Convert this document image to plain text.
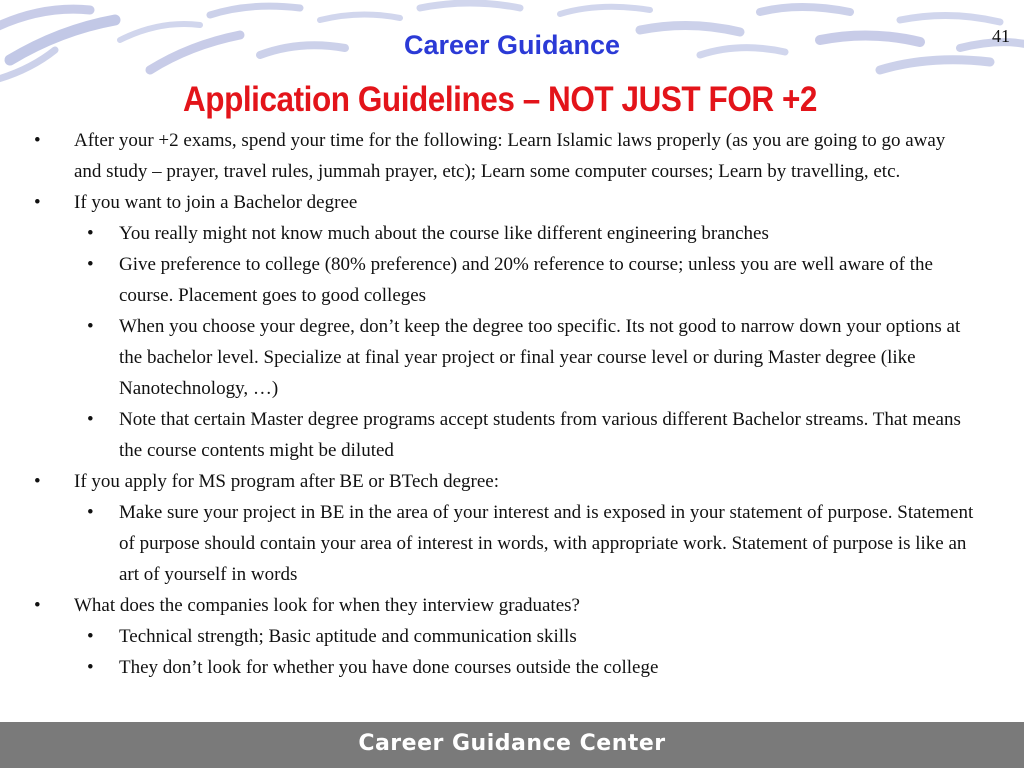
Career Guidance	41
Application Guidelines – NOT JUST FOR +2

• After your +2 exams, spend your time for the following: Learn Islamic laws properly (as you are going to go away and study – prayer, travel rules, jummah prayer, etc); Learn some computer courses; Learn by travelling, etc.

• If you want to join a Bachelor degree

• You really might not know much about the course like different engineering branches

• Give preference to college (80% preference) and 20% reference to course; unless you are well aware of the course. Placement goes to good colleges

• When you choose your degree, don’t keep the degree too specific. Its not good to narrow down your options at the bachelor level. Specialize at final year project or final year course level or during Master degree (like Nanotechnology, …)

• Note that certain Master degree programs accept students from various different Bachelor streams. That means the course contents might be diluted

• If you apply for MS program after BE or BTech degree:

• Make sure your project in BE in the area of your interest and is exposed in your statement of purpose. Statement of purpose should contain your area of interest in words, with appropriate work. Statement of purpose is like an art of yourself in words

• What does the companies look for when they interview graduates?

• Technical strength; Basic aptitude and communication skills

• They don’t look for whether you have done courses outside the college

Career Guidance Center
